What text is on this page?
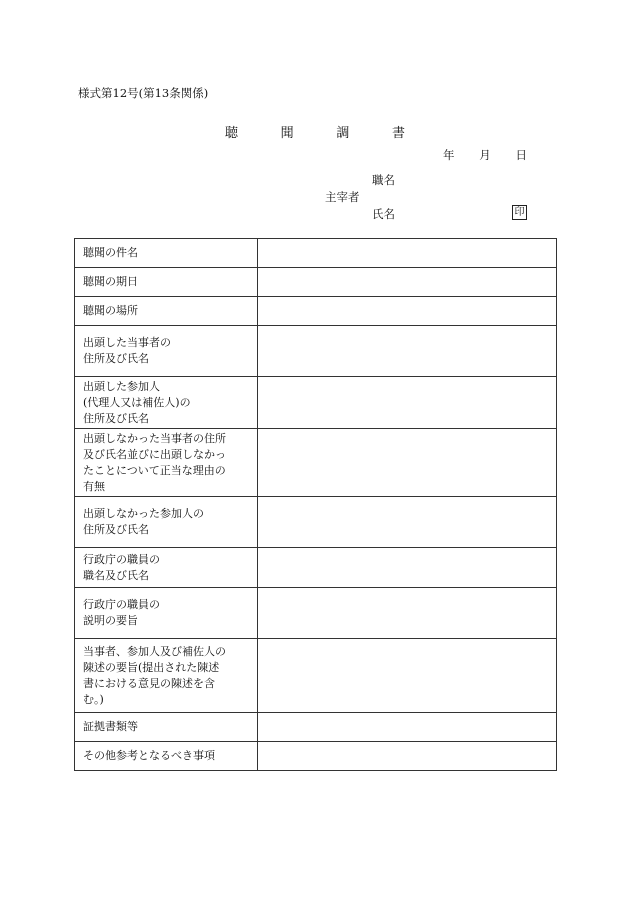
様式第12号(第13条関係)
聴	聞	調	書
年 月 日
職名
主宰者
氏名	印
聴聞の件名	

聴聞の期日	

聴聞の場所	

出頭した当事者の
住所及び氏名	

出頭した参加人
(代理人又は補佐人)の
住所及び氏名	

出頭しなかった当事者の住所
及び氏名並びに出頭しなかっ
たことについて正当な理由の
有無	

出頭しなかった参加人の
住所及び氏名	

行政庁の職員の
職名及び氏名	

行政庁の職員の
説明の要旨	

当事者、参加人及び補佐人の
陳述の要旨(提出された陳述
書における意見の陳述を含
む。)	

証拠書類等	

その他参考となるべき事項	
